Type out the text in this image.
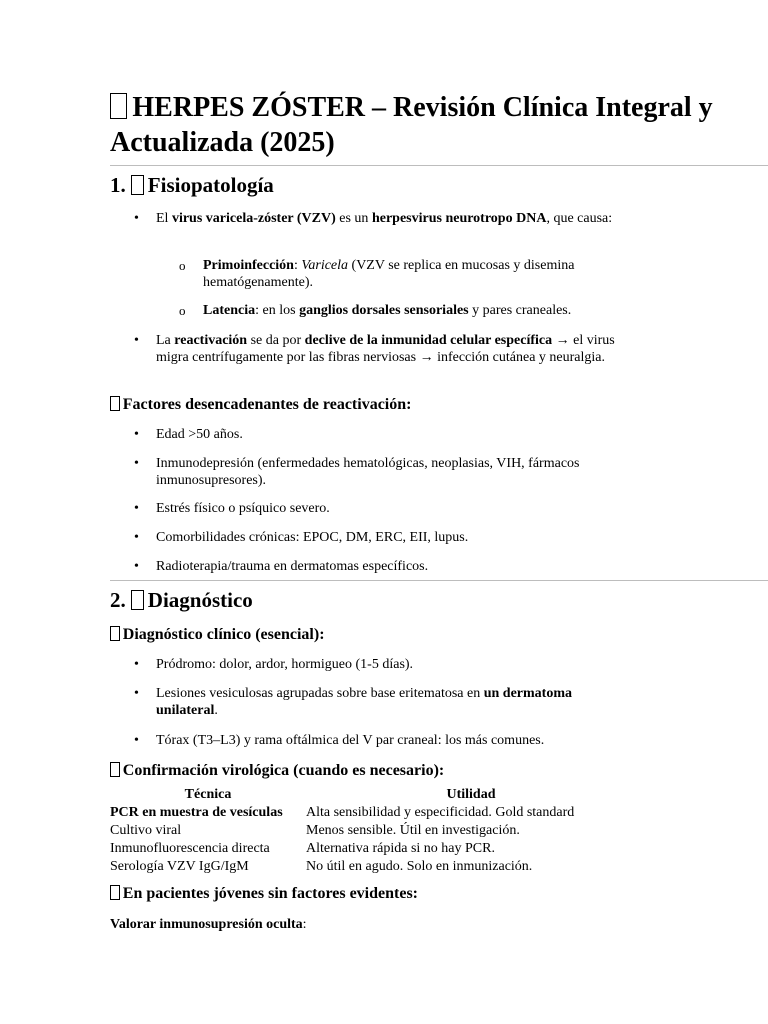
HERPES ZÓSTER – Revisión Clínica Integral y Actualizada (2025)
1. Fisiopatología

• El virus varicela-zóster (VZV) es un herpesvirus neurotropo DNA, que causa:

o Primoinfección: Varicela (VZV se replica en mucosas y disemina hematógenamente).

o Latencia: en los ganglios dorsales sensoriales y pares craneales.

• La reactivación se da por declive de la inmunidad celular específica → el virus migra centrífugamente por las fibras nerviosas → infección cutánea y neuralgia.

Factores desencadenantes de reactivación:

• Edad >50 años.

• Inmunodepresión (enfermedades hematológicas, neoplasias, VIH, fármacos inmunosupresores).

• Estrés físico o psíquico severo.

• Comorbilidades crónicas: EPOC, DM, ERC, EII, lupus.

• Radioterapia/trauma en dermatomas específicos.

2. Diagnóstico
Diagnóstico clínico (esencial):

• Pródromo: dolor, ardor, hormigueo (1-5 días).

• Lesiones vesiculosas agrupadas sobre base eritematosa en un dermatoma unilateral.

• Tórax (T3–L3) y rama oftálmica del V par craneal: los más comunes.

Confirmación virológica (cuando es necesario):
Técnica	Utilidad
PCR en muestra de vesículas	Alta sensibilidad y especificidad. Gold standard
Cultivo viral	Menos sensible. Útil en investigación.
Inmunofluorescencia directa	Alternativa rápida si no hay PCR.
Serología VZV IgG/IgM	No útil en agudo. Solo en inmunización.
En pacientes jóvenes sin factores evidentes:

Valorar inmunosupresión oculta:
